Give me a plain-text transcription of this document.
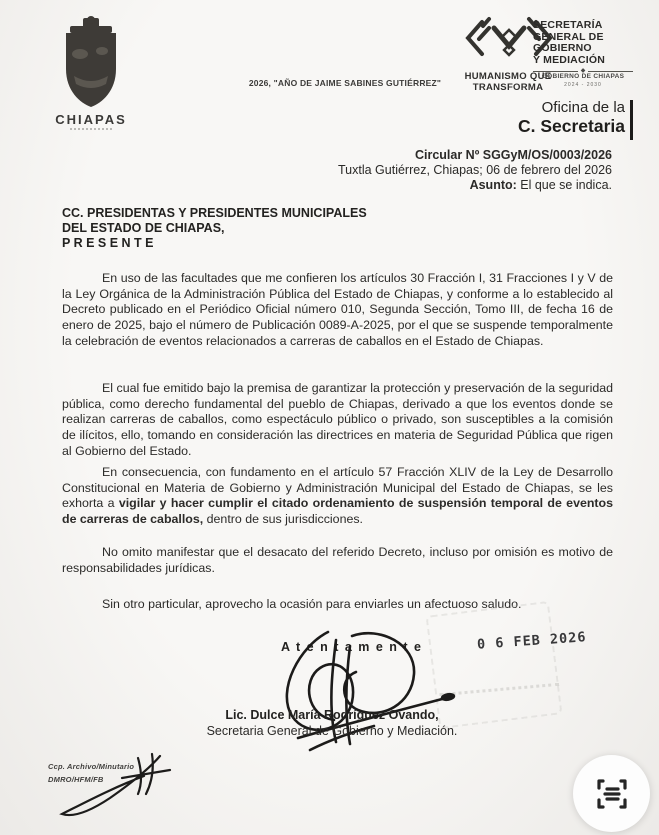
CHIAPAS
2026, "AÑO DE JAIME SABINES GUTIÉRREZ"
HUMANISMO QUE
TRANSFORMA
SECRETARÍA
GENERAL DE
GOBIERNO
Y MEDIACIÓN
◆
GOBIERNO DE CHIAPAS
2024 - 2030
Oficina de la
C. Secretaria
Circular Nº SGGyM/OS/0003/2026
Tuxtla Gutiérrez, Chiapas; 06 de febrero del 2026
Asunto: El que se indica.
CC. PRESIDENTAS Y PRESIDENTES MUNICIPALES
DEL ESTADO DE CHIAPAS,
P R E S E N T E
En uso de las facultades que me confieren los artículos 30 Fracción I, 31 Fracciones I y V de la Ley Orgánica de la Administración Pública del Estado de Chiapas, y conforme a lo establecido al Decreto publicado en el Periódico Oficial número 010, Segunda Sección, Tomo III, de fecha 16 de enero de 2025, bajo el número de Publicación 0089-A-2025, por el que se suspende temporalmente la celebración de eventos relacionados a carreras de caballos en el Estado de Chiapas.
El cual fue emitido bajo la premisa de garantizar la protección y preservación de la seguridad pública, como derecho fundamental del pueblo de Chiapas, derivado a que los eventos donde se realizan carreras de caballos, como espectáculo público o privado, son susceptibles a la comisión de ilícitos, ello, tomando en consideración las directrices en materia de Seguridad Pública que rigen al Gobierno del Estado.
En consecuencia, con fundamento en el artículo 57 Fracción XLIV de la Ley de Desarrollo Constitucional en Materia de Gobierno y Administración Municipal del Estado de Chiapas, se les exhorta a vigilar y hacer cumplir el citado ordenamiento de suspensión temporal de eventos de carreras de caballos, dentro de sus jurisdicciones.
No omito manifestar que el desacato del referido Decreto, incluso por omisión es motivo de responsabilidades jurídicas.
Sin otro particular, aprovecho la ocasión para enviarles un afectuoso saludo.
A t e n t a m e n t e	0 6 FEB 2026
Lic. Dulce María Rodríguez Ovando,
Secretaria General de Gobierno y Mediación.
Ccp. Archivo/Minutario
DMRO/HFM/FB
